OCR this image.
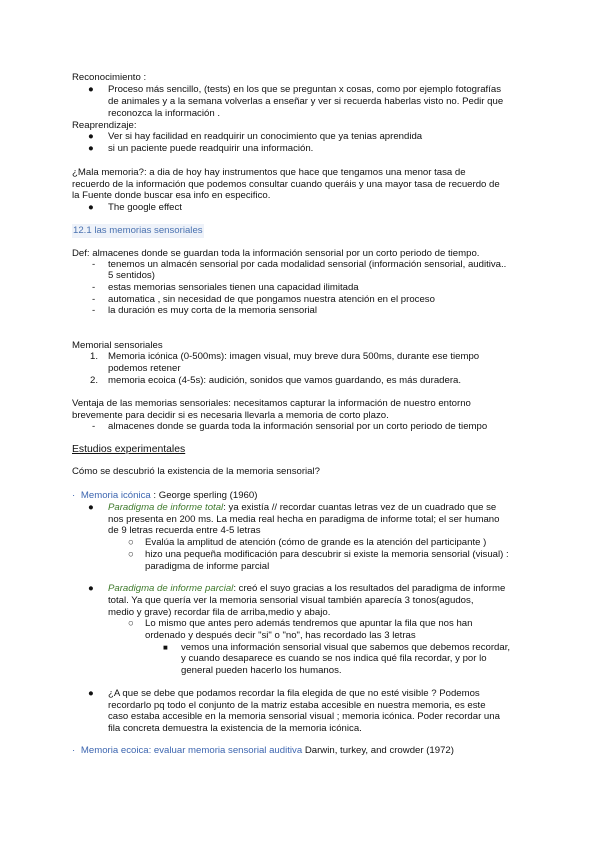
Reconocimiento :
● Proceso más sencillo, (tests) en los que se preguntan x cosas, como por ejemplo fotografías
de animales y a la semana volverlas a enseñar y ver si recuerda haberlas visto no. Pedir que
reconozca la información .
Reaprendizaje:
● Ver si hay facilidad en readquirir un conocimiento que ya tenias aprendida
● si un paciente puede readquirir una información.
¿Mala memoria?: a dia de hoy hay instrumentos que hace que tengamos una menor tasa de
recuerdo de la información que podemos consultar cuando queráis y una mayor tasa de recuerdo de
la Fuente donde buscar esa info en especifico.
● The google effect
12.1 las memorias sensoriales
Def: almacenes donde se guardan toda la información sensorial por un corto periodo de tiempo.
- tenemos un almacén sensorial por cada modalidad sensorial (información sensorial, auditiva..
5 sentidos)
- estas memorias sensoriales tienen una capacidad ilimitada
- automatica , sin necesidad de que pongamos nuestra atención en el proceso
- la duración es muy corta de la memoria sensorial
Memorial sensoriales
1. Memoria icónica (0-500ms): imagen visual, muy breve dura 500ms, durante ese tiempo
podemos retener
2. memoria ecoica (4-5s): audición, sonidos que vamos guardando, es más duradera.
Ventaja de las memorias sensoriales: necesitamos capturar la información de nuestro entorno
brevemente para decidir si es necesaria llevarla a memoria de corto plazo.
- almacenes donde se guarda toda la información sensorial por un corto periodo de tiempo
Estudios experimentales
Cómo se descubrió la existencia de la memoria sensorial?
· Memoria icónica : George sperling (1960)
● Paradigma de informe total: ya existía // recordar cuantas letras vez de un cuadrado que se
nos presenta en 200 ms. La media real hecha en paradigma de informe total; el ser humano
de 9 letras recuerda entre 4-5 letras
○ Evalúa la amplitud de atención (cómo de grande es la atención del participante )
○ hizo una pequeña modificación para descubrir si existe la memoria sensorial (visual) :
paradigma de informe parcial
● Paradigma de informe parcial: creó el suyo gracias a los resultados del paradigma de informe
total. Ya que quería ver la memoria sensorial visual también aparecía 3 tonos(agudos,
medio y grave) recordar fila de arriba,medio y abajo.
○ Lo mismo que antes pero además tendremos que apuntar la fila que nos han
ordenado y después decir "si" o "no", has recordado las 3 letras
■ vemos una información sensorial visual que sabemos que debemos recordar,
y cuando desaparece es cuando se nos indica qué fila recordar, y por lo
general pueden hacerlo los humanos.
● ¿A que se debe que podamos recordar la fila elegida de que no esté visible ? Podemos
recordarlo pq todo el conjunto de la matriz estaba accesible en nuestra memoria, es este
caso estaba accesible en la memoria sensorial visual ; memoria icónica. Poder recordar una
fila concreta demuestra la existencia de la memoria icónica.
· Memoria ecoica: evaluar memoria sensorial auditiva Darwin, turkey, and crowder (1972)
